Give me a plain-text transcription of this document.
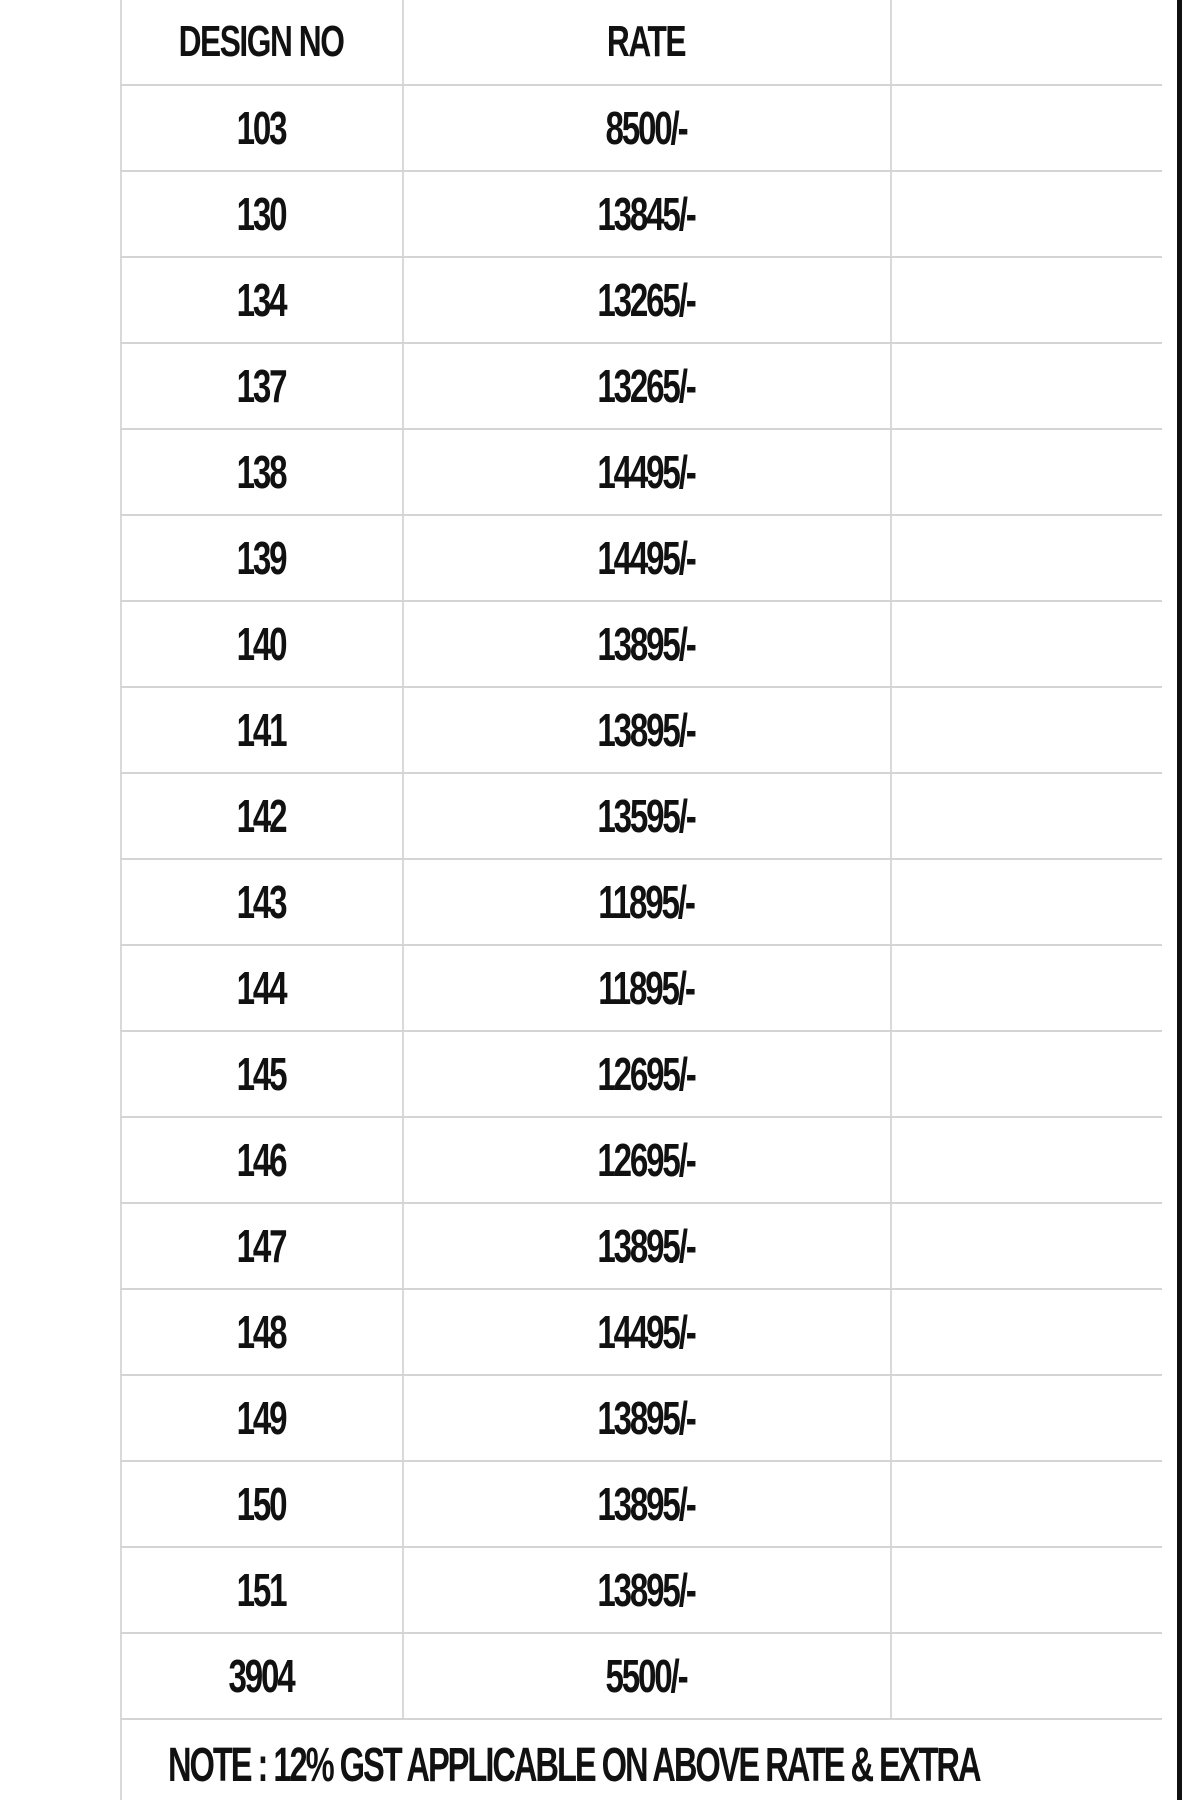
DESIGN NO	RATE
103	8500/-
130	13845/-
134	13265/-
137	13265/-
138	14495/-
139	14495/-
140	13895/-
141	13895/-
142	13595/-
143	11895/-
144	11895/-
145	12695/-
146	12695/-
147	13895/-
148	14495/-
149	13895/-
150	13895/-
151	13895/-
3904	5500/-
NOTE : 12% GST APPLICABLE ON ABOVE RATE & EXTRA
